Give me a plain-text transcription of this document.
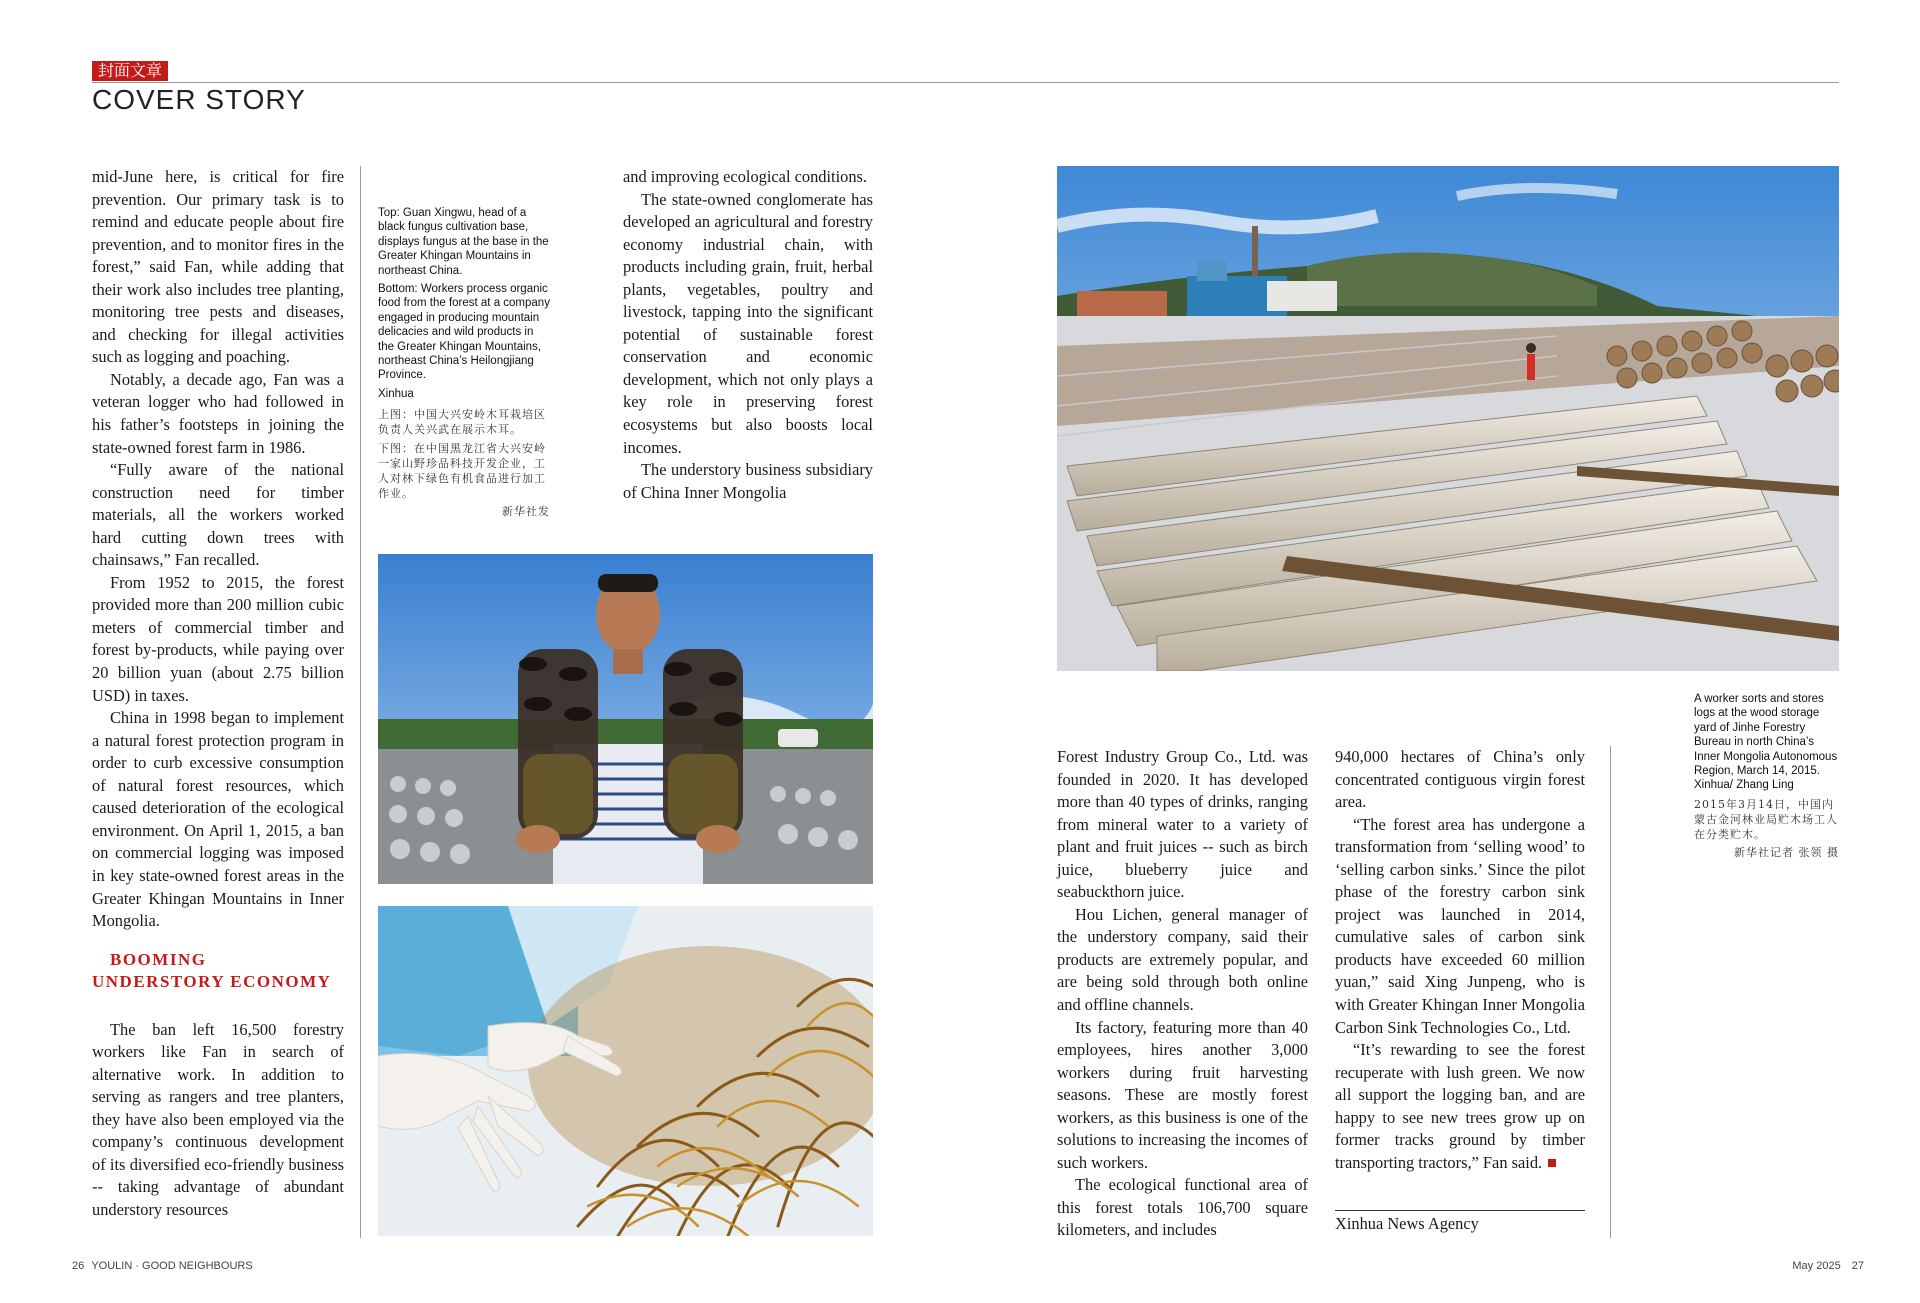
封面文章
COVER STORY

mid-June here, is critical for fire prevention. Our primary task is to remind and educate people about fire prevention, and to monitor fires in the forest,” said Fan, while adding that their work also includes tree planting, monitoring tree pests and diseases, and checking for illegal activities such as logging and poaching.

Notably, a decade ago, Fan was a veteran logger who had followed in his father’s footsteps in joining the state-owned forest farm in 1986.

“Fully aware of the national construction need for timber materials, all the workers worked hard cutting down trees with chainsaws,” Fan recalled.

From 1952 to 2015, the forest provided more than 200 million cubic meters of commercial timber and forest by-products, while paying over 20 billion yuan (about 2.75 billion USD) in taxes.

China in 1998 began to implement a natural forest protection program in order to curb excessive consumption of natural forest resources, which caused deterioration of the ecological environment. On April 1, 2015, a ban on commercial logging was imposed in key state-owned forest areas in the Greater Khingan Mountains in Inner Mongolia.

BOOMING UNDERSTORY ECONOMY

The ban left 16,500 forestry workers like Fan in search of alternative work. In addition to serving as rangers and tree planters, they have also been employed via the company’s continuous development of its diversified eco-friendly business -- taking advantage of abundant understory resources

Top: Guan Xingwu, head of a black fungus cultivation base, displays fungus at the base in the Greater Khingan Mountains in northeast China.

Bottom: Workers process organic food from the forest at a company engaged in producing mountain delicacies and wild products in the Greater Khingan Mountains, northeast China’s Heilongjiang Province.

Xinhua

上图：中国大兴安岭木耳栽培区负责人关兴武在展示木耳。

下图：在中国黑龙江省大兴安岭一家山野珍品科技开发企业，工人对林下绿色有机食品进行加工作业。

新华社发

and improving ecological conditions.

The state-owned conglomerate has developed an agricultural and forestry economy industrial chain, with products including grain, fruit, herbal plants, vegetables, poultry and livestock, tapping into the significant potential of sustainable forest conservation and economic development, which not only plays a key role in preserving forest ecosystems but also boosts local incomes.

The understory business subsidiary of China Inner Mongolia

A worker sorts and stores logs at the wood storage yard of Jinhe Forestry Bureau in north China’s Inner Mongolia Autonomous Region, March 14, 2015.

Xinhua/ Zhang Ling

2015年3月14日，中国内蒙古金河林业局贮木场工人在分类贮木。

新华社记者 张领 摄

Forest Industry Group Co., Ltd. was founded in 2020. It has developed more than 40 types of drinks, ranging from mineral water to a variety of plant and fruit juices -- such as birch juice, blueberry juice and seabuckthorn juice.

Hou Lichen, general manager of the understory company, said their products are extremely popular, and are being sold through both online and offline channels.

Its factory, featuring more than 40 employees, hires another 3,000 workers during fruit harvesting seasons. These are mostly forest workers, as this business is one of the solutions to increasing the incomes of such workers.

The ecological functional area of this forest totals 106,700 square kilometers, and includes

940,000 hectares of China’s only concentrated contiguous virgin forest area.

“The forest area has undergone a transformation from ‘selling wood’ to ‘selling carbon sinks.’ Since the pilot phase of the forestry carbon sink project was launched in 2014, cumulative sales of carbon sink products have exceeded 60 million yuan,” said Xing Junpeng, who is with Greater Khingan Inner Mongolia Carbon Sink Technologies Co., Ltd.

“It’s rewarding to see the forest recuperate with lush green. We now all support the logging ban, and are happy to see new trees grow up on former tracks ground by timber transporting tractors,” Fan said.

Xinhua News Agency
26 YOULIN · GOOD NEIGHBOURS	May 2025 27
